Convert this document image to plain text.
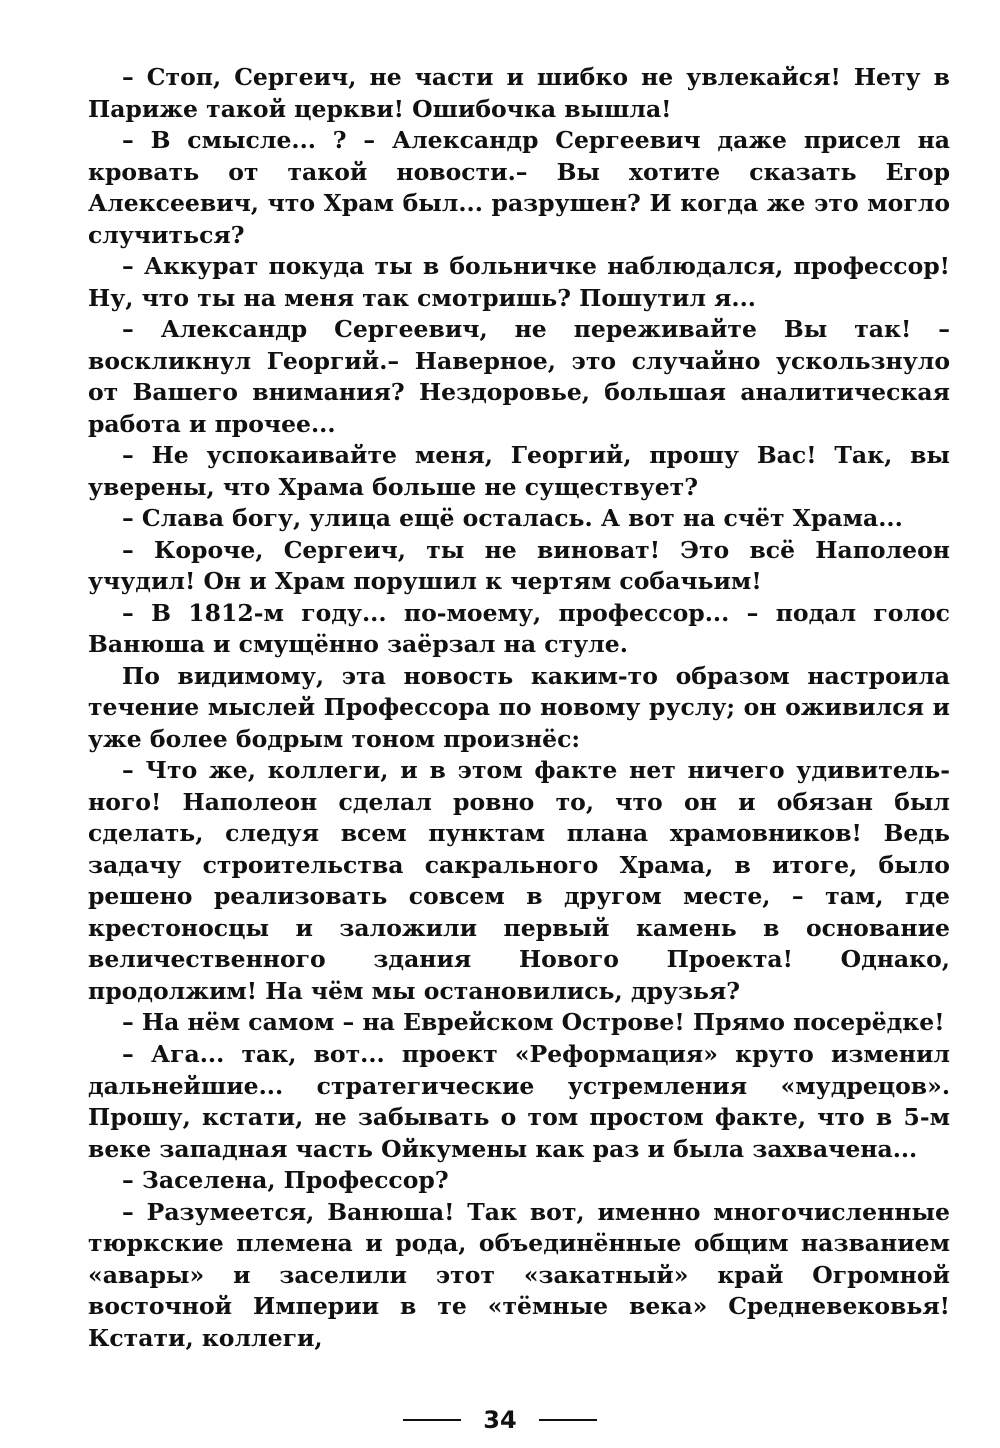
– Стоп, Сергеич, не части и шибко не увлекайся! Нету в Париже такой церкви! Ошибочка вышла!

– В смысле... ? – Александр Сергеевич даже присел на кровать от такой новости.– Вы хотите сказать Егор Алексеевич, что Храм был... разрушен? И когда же это могло случиться?

– Аккурат покуда ты в больничке наблюдался, профессор! Ну, что ты на меня так смотришь? Пошутил я...

– Александр Сергеевич, не переживайте Вы так! – воскликнул Георгий.– Наверное, это случайно ускользнуло от Вашего внимания? Нездоровье, большая аналитическая работа и прочее...

– Не успокаивайте меня, Георгий, прошу Вас! Так, вы уверены, что Храма больше не существует?

– Слава богу, улица ещё осталась. А вот на счёт Храма...

– Короче, Сергеич, ты не виноват! Это всё Наполеон учудил! Он и Храм порушил к чертям собачьим!

– В 1812-м году... по-моему, профессор... – подал голос Ванюша и смущённо заёрзал на стуле.

По видимому, эта новость каким-то образом настроила течение мыслей Профессора по новому руслу; он оживился и уже более бодрым тоном произнёс:

– Что же, коллеги, и в этом факте нет ничего удивительного! Наполеон сделал ровно то, что он и обязан был сделать, следуя всем пунктам плана храмовников! Ведь задачу строительства сакрального Храма, в итоге, было решено реализовать совсем в другом месте, – там, где крестоносцы и заложили первый камень в основание величественного здания Нового Проекта! Однако, продолжим! На чём мы остановились, друзья?

– На нём самом – на Еврейском Острове! Прямо посерёдке!

– Ага... так, вот... проект «Реформация» круто изменил дальнейшие... стратегические устремления «мудрецов». Прошу, кстати, не забывать о том простом факте, что в 5-м веке западная часть Ойкумены как раз и была захвачена...

– Заселена, Профессор?

– Разумеется, Ванюша! Так вот, именно многочисленные тюркские племена и рода, объединённые общим названием «авары» и заселили этот «закатный» край Огромной восточной Империи в те «тёмные века» Средневековья! Кстати, коллеги,

34
